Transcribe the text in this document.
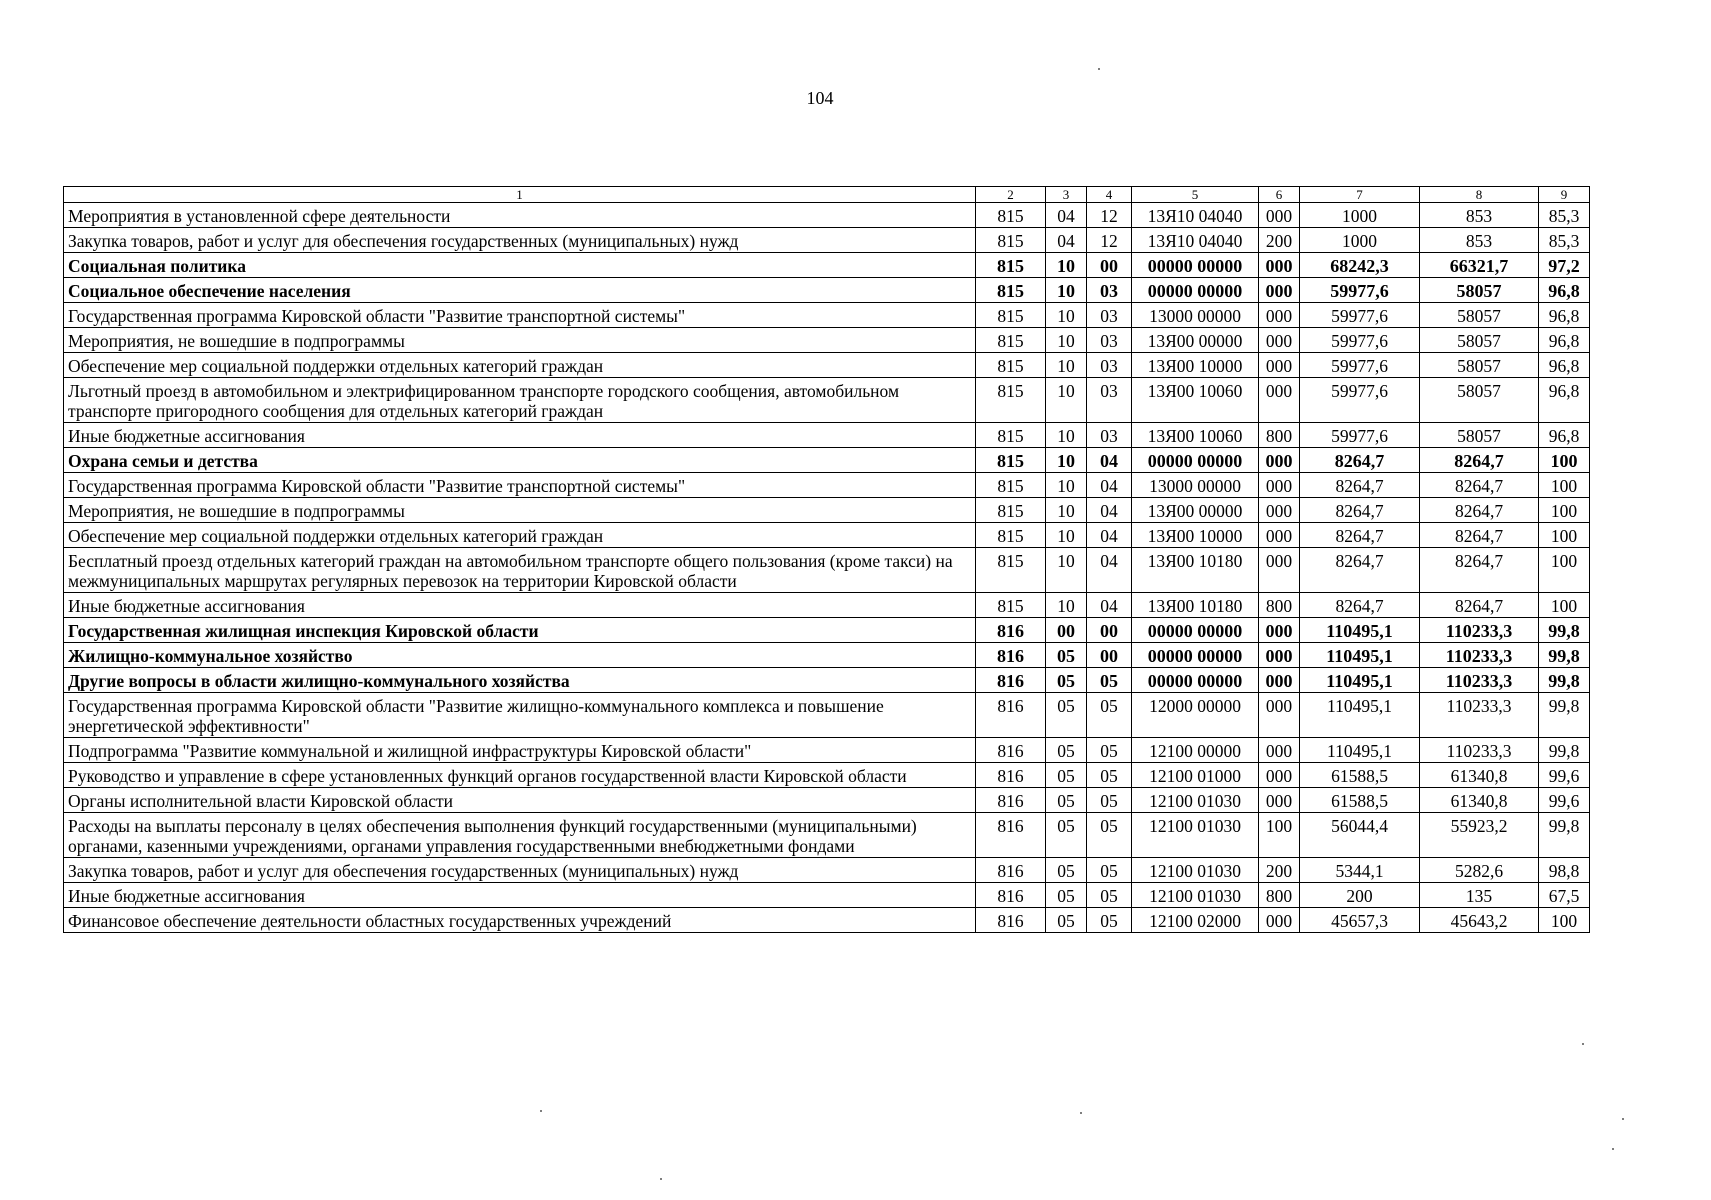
104
1	2	3	4	5	6	7	8	9
Мероприятия в установленной сфере деятельности	815	04	12	13Я10 04040	000	1000	853	85,3
Закупка товаров, работ и услуг для обеспечения государственных (муниципальных) нужд	815	04	12	13Я10 04040	200	1000	853	85,3
Социальная политика	815	10	00	00000 00000	000	68242,3	66321,7	97,2
Социальное обеспечение населения	815	10	03	00000 00000	000	59977,6	58057	96,8
Государственная программа Кировской области "Развитие транспортной системы"	815	10	03	13000 00000	000	59977,6	58057	96,8
Мероприятия, не вошедшие в подпрограммы	815	10	03	13Я00 00000	000	59977,6	58057	96,8
Обеспечение мер социальной поддержки отдельных категорий граждан	815	10	03	13Я00 10000	000	59977,6	58057	96,8
Льготный проезд в автомобильном и электрифицированном транспорте городского сообщения, автомобильном транспорте пригородного сообщения для отдельных категорий граждан	815	10	03	13Я00 10060	000	59977,6	58057	96,8
Иные бюджетные ассигнования	815	10	03	13Я00 10060	800	59977,6	58057	96,8
Охрана семьи и детства	815	10	04	00000 00000	000	8264,7	8264,7	100
Государственная программа Кировской области "Развитие транспортной системы"	815	10	04	13000 00000	000	8264,7	8264,7	100
Мероприятия, не вошедшие в подпрограммы	815	10	04	13Я00 00000	000	8264,7	8264,7	100
Обеспечение мер социальной поддержки отдельных категорий граждан	815	10	04	13Я00 10000	000	8264,7	8264,7	100
Бесплатный проезд отдельных категорий граждан на автомобильном транспорте общего пользования (кроме такси) на межмуниципальных маршрутах регулярных перевозок на территории Кировской области	815	10	04	13Я00 10180	000	8264,7	8264,7	100
Иные бюджетные ассигнования	815	10	04	13Я00 10180	800	8264,7	8264,7	100
Государственная жилищная инспекция Кировской области	816	00	00	00000 00000	000	110495,1	110233,3	99,8
Жилищно-коммунальное хозяйство	816	05	00	00000 00000	000	110495,1	110233,3	99,8
Другие вопросы в области жилищно-коммунального хозяйства	816	05	05	00000 00000	000	110495,1	110233,3	99,8
Государственная программа Кировской области "Развитие жилищно-коммунального комплекса и повышение энергетической эффективности"	816	05	05	12000 00000	000	110495,1	110233,3	99,8
Подпрограмма "Развитие коммунальной и жилищной инфраструктуры Кировской области"	816	05	05	12100 00000	000	110495,1	110233,3	99,8
Руководство и управление в сфере установленных функций органов государственной власти Кировской области	816	05	05	12100 01000	000	61588,5	61340,8	99,6
Органы исполнительной власти Кировской области	816	05	05	12100 01030	000	61588,5	61340,8	99,6
Расходы на выплаты персоналу в целях обеспечения выполнения функций государственными (муниципальными) органами, казенными учреждениями, органами управления государственными внебюджетными фондами	816	05	05	12100 01030	100	56044,4	55923,2	99,8
Закупка товаров, работ и услуг для обеспечения государственных (муниципальных) нужд	816	05	05	12100 01030	200	5344,1	5282,6	98,8
Иные бюджетные ассигнования	816	05	05	12100 01030	800	200	135	67,5
Финансовое обеспечение деятельности областных государственных учреждений	816	05	05	12100 02000	000	45657,3	45643,2	100
